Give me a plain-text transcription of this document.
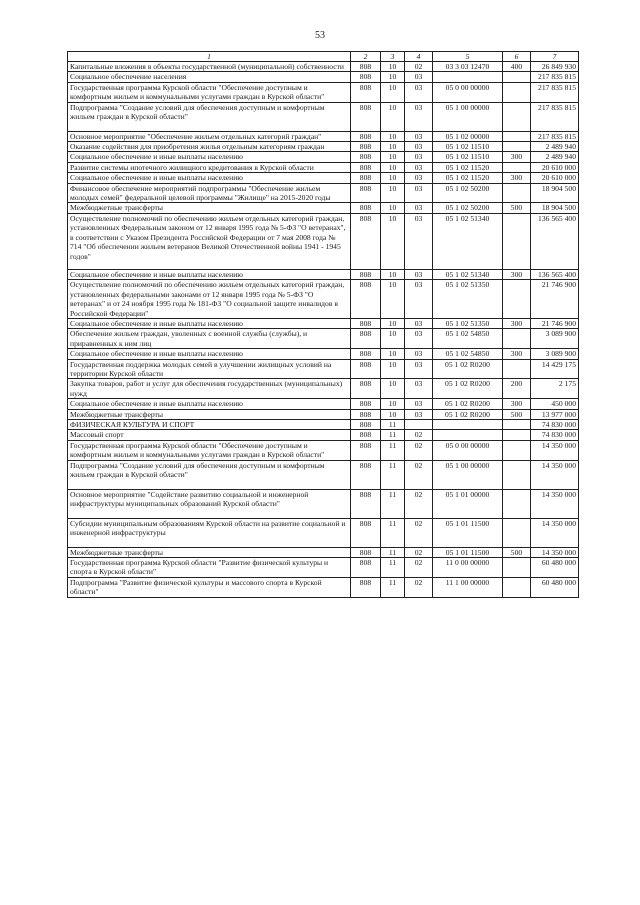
53
1	2	3	4	5	6	7
Капитальные вложения в объекты государственной (муниципальной) собственности	808	10	02	03 3 03 12470	400	26 849 930
Социальное обеспечение населения	808	10	03			217 835 815
Государственная программа Курской области "Обеспечение доступным и комфортным жильем и коммунальными услугами граждан в Курской области"	808	10	03	05 0 00 00000		217 835 815
Подпрограмма "Создание условий для обеспечения доступным и комфортным жильем граждан в Курской области"	808	10	03	05 1 00 00000		217 835 815
Основное мероприятие "Обеспечение жильем отдельных категорий граждан"	808	10	03	05 1 02 00000		217 835 815
Оказание содействия для приобретения жилья отдельным категориям граждан	808	10	03	05 1 02 11510		2 489 940
Социальное обеспечение и иные выплаты населению	808	10	03	05 1 02 11510	300	2 489 940
Развитие системы ипотечного жилищного кредитования в Курской области	808	10	03	05 1 02 11520		20 610 000
Социальное обеспечение и иные выплаты населению	808	10	03	05 1 02 11520	300	20 610 000
Финансовое обеспечение мероприятий подпрограммы "Обеспечение жильем молодых семей" федеральной целевой программы "Жилище" на 2015-2020 годы	808	10	03	05 1 02 50200		18 904 500
Межбюджетные трансферты	808	10	03	05 1 02 50200	500	18 904 500
Осуществление полномочий по обеспечению жильем отдельных категорий граждан, установленных Федеральным законом от 12 января 1995 года № 5-ФЗ "О ветеранах", в соответствии с Указом Президента Российской Федерации от 7 мая 2008 года № 714 "Об обеспечении жильем ветеранов Великой Отечественной войны 1941 - 1945 годов"	808	10	03	05 1 02 51340		136 565 400
Социальное обеспечение и иные выплаты населению	808	10	03	05 1 02 51340	300	136 565 400
Осуществление полномочий по обеспечению жильем отдельных категорий граждан, установленных федеральными законами от 12 января 1995 года № 5-ФЗ "О ветеранах" и от 24 ноября 1995 года № 181-ФЗ "О социальной защите инвалидов в Российской Федерации"	808	10	03	05 1 02 51350		21 746 900
Социальное обеспечение и иные выплаты населению	808	10	03	05 1 02 51350	300	21 746 900
Обеспечение жильем граждан, уволенных с военной службы (службы), и приравненных к ним лиц	808	10	03	05 1 02 54850		3 089 900
Социальное обеспечение и иные выплаты населению	808	10	03	05 1 02 54850	300	3 089 900
Государственная поддержка молодых семей в улучшении жилищных условий на территории Курской области	808	10	03	05 1 02 R0200		14 429 175
Закупка товаров, работ и услуг для обеспечения государственных (муниципальных) нужд	808	10	03	05 1 02 R0200	200	2 175
Социальное обеспечение и иные выплаты населению	808	10	03	05 1 02 R0200	300	450 000
Межбюджетные трансферты	808	10	03	05 1 02 R0200	500	13 977 000
ФИЗИЧЕСКАЯ КУЛЬТУРА И СПОРТ	808	11				74 830 000
Массовый спорт	808	11	02			74 830 000
Государственная программа Курской области "Обеспечение доступным и комфортным жильем и коммунальными услугами граждан в Курской области"	808	11	02	05 0 00 00000		14 350 000
Подпрограмма "Создание условий для обеспечения доступным и комфортным жильем граждан в Курской области"	808	11	02	05 1 00 00000		14 350 000
Основное мероприятие "Содействие развитию социальной и инженерной инфраструктуры муниципальных образований Курской области"	808	11	02	05 1 01 00000		14 350 000
Субсидии муниципальным образованиям Курской области на развитие социальной и инженерной инфраструктуры	808	11	02	05 1 01 11500		14 350 000
Межбюджетные трансферты	808	11	02	05 1 01 11500	500	14 350 000
Государственная программа Курской области "Развитие физической культуры и спорта в Курской области"	808	11	02	11 0 00 00000		60 480 000
Подпрограмма "Развитие физической культуры и массового спорта в Курской области"	808	11	02	11 1 00 00000		60 480 000
